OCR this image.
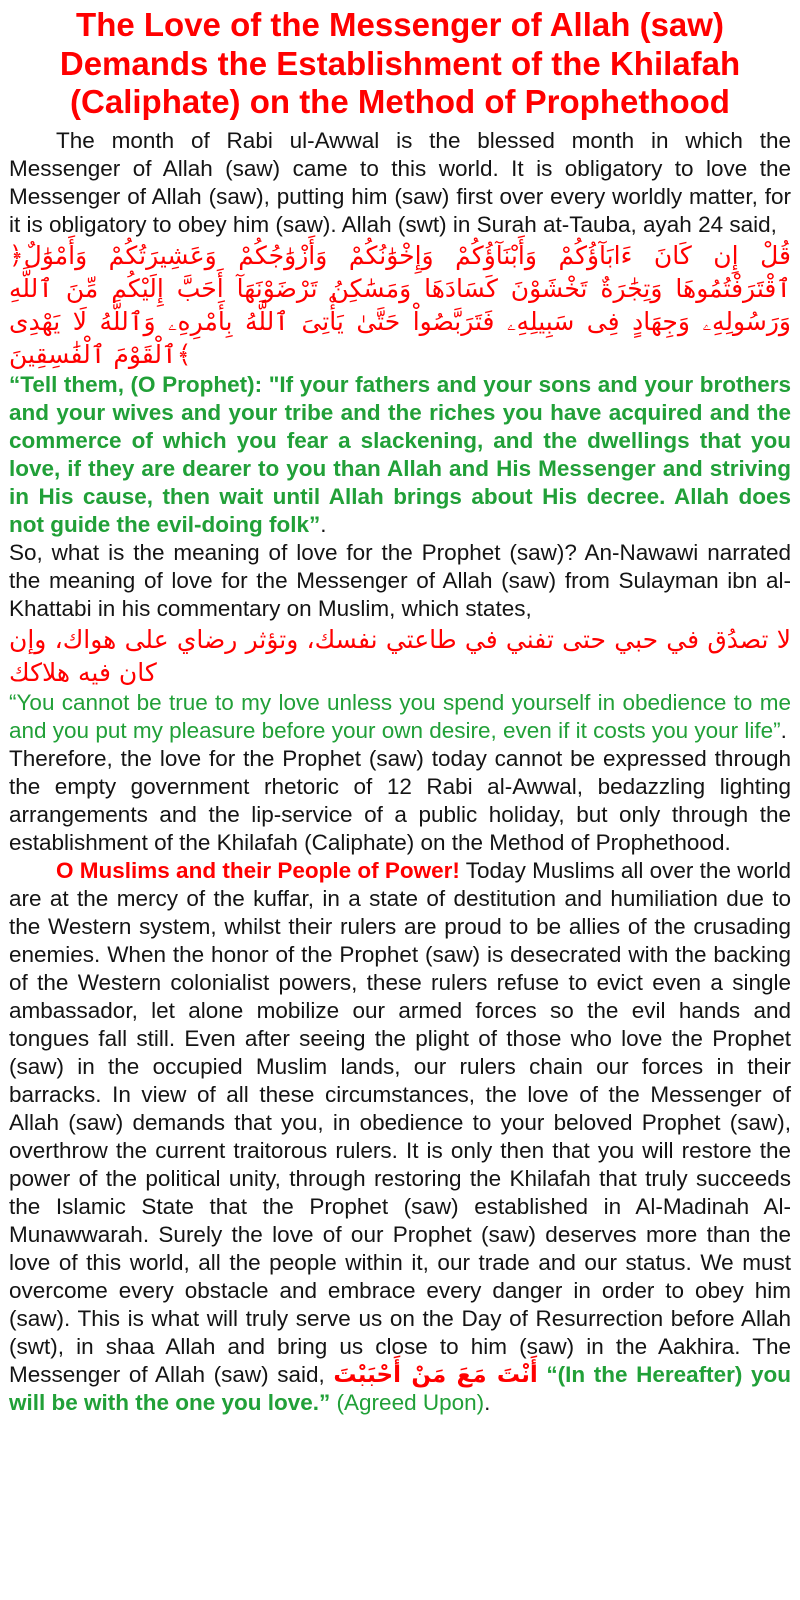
The Love of the Messenger of Allah (saw)
Demands the Establishment of the Khilafah
(Caliphate) on the Method of Prophethood

The month of Rabi ul-Awwal is the blessed month in which the Messenger of Allah (saw) came to this world. It is obligatory to love the Messenger of Allah (saw), putting him (saw) first over every worldly matter, for it is obligatory to obey him (saw). Allah (swt) in Surah at-Tauba, ayah 24 said,

﴿قُلْ إِن كَانَ ءَابَآؤُكُمْ وَأَبْنَآؤُكُمْ وَإِخْوَٰنُكُمْ وَأَزْوَٰجُكُمْ وَعَشِيرَتُكُمْ وَأَمْوَٰلٌ ٱقْتَرَفْتُمُوهَا وَتِجَٰرَةٌ تَخْشَوْنَ كَسَادَهَا وَمَسَٰكِنُ تَرْضَوْنَهَآ أَحَبَّ إِلَيْكُم مِّنَ ٱللَّهِ وَرَسُولِهِۦ وَجِهَادٍ فِى سَبِيلِهِۦ فَتَرَبَّصُواْ حَتَّىٰ يَأْتِىَ ٱللَّهُ بِأَمْرِهِۦ وَٱللَّهُ لَا يَهْدِى ٱلْقَوْمَ ٱلْفَٰسِقِينَ﴾

“Tell them, (O Prophet): "If your fathers and your sons and your brothers and your wives and your tribe and the riches you have acquired and the commerce of which you fear a slackening, and the dwellings that you love, if they are dearer to you than Allah and His Messenger and striving in His cause, then wait until Allah brings about His decree. Allah does not guide the evil-doing folk”.

So, what is the meaning of love for the Prophet (saw)? An-Nawawi narrated the meaning of love for the Messenger of Allah (saw) from Sulayman ibn al-Khattabi in his commentary on Muslim, which states,

لا تصدُق في حبي حتى تفني في طاعتي نفسك، وتؤثر رضاي على هواك، وإن كان فيه هلاكك

“You cannot be true to my love unless you spend yourself in obedience to me and you put my pleasure before your own desire, even if it costs you your life”.

Therefore, the love for the Prophet (saw) today cannot be expressed through the empty government rhetoric of 12 Rabi al-Awwal, bedazzling lighting arrangements and the lip-service of a public holiday, but only through the establishment of the Khilafah (Caliphate) on the Method of Prophethood.

O Muslims and their People of Power! Today Muslims all over the world are at the mercy of the kuffar, in a state of destitution and humiliation due to the Western system, whilst their rulers are proud to be allies of the crusading enemies. When the honor of the Prophet (saw) is desecrated with the backing of the Western colonialist powers, these rulers refuse to evict even a single ambassador, let alone mobilize our armed forces so the evil hands and tongues fall still. Even after seeing the plight of those who love the Prophet (saw) in the occupied Muslim lands, our rulers chain our forces in their barracks. In view of all these circumstances, the love of the Messenger of Allah (saw) demands that you, in obedience to your beloved Prophet (saw), overthrow the current traitorous rulers. It is only then that you will restore the power of the political unity, through restoring the Khilafah that truly succeeds the Islamic State that the Prophet (saw) established in Al-Madinah Al-Munawwarah. Surely the love of our Prophet (saw) deserves more than the love of this world, all the people within it, our trade and our status. We must overcome every obstacle and embrace every danger in order to obey him (saw). This is what will truly serve us on the Day of Resurrection before Allah (swt), in shaa Allah and bring us close to him (saw) in the Aakhira. The Messenger of Allah (saw) said, أَنْتَ مَعَ مَنْ أَحْبَبْتَ “(In the Hereafter) you will be with the one you love.” (Agreed Upon).
